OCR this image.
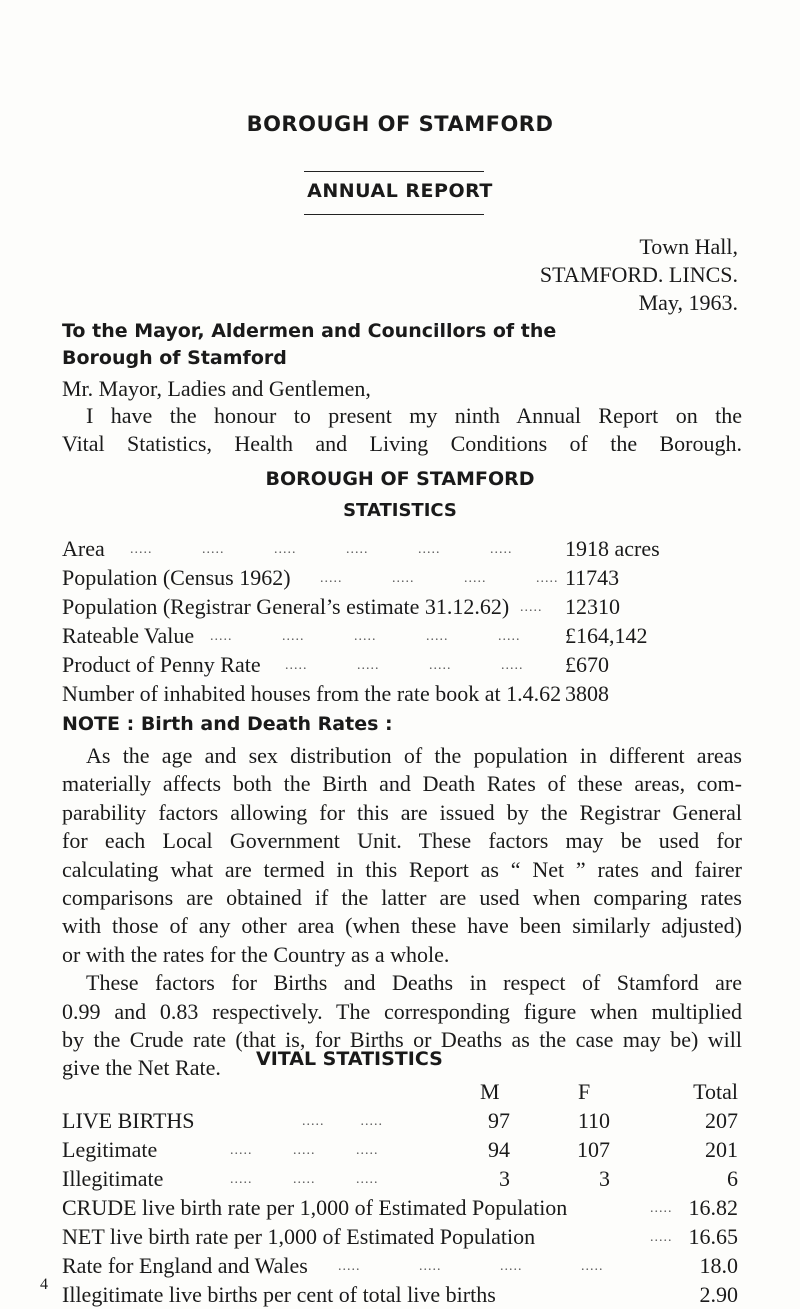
BOROUGH OF STAMFORD
ANNUAL REPORT
Town Hall,
STAMFORD. LINCS.
May, 1963.
To the Mayor, Aldermen and Councillors of the
Borough of Stamford
Mr. Mayor, Ladies and Gentlemen,
I have the honour to present my ninth Annual Report on the
Vital Statistics, Health and Living Conditions of the Borough.
BOROUGH OF STAMFORD
STATISTICS
Area .....           .....           .....           .....           .....           ..... 1918 acres
Population (Census 1962) .....           .....           .....           ..... 11743
Population (Registrar General’s estimate 31.12.62) ..... 12310
Rateable Value .....           .....           .....           .....           ..... £164,142
Product of Penny Rate .....           .....           .....           ..... £670
Number of inhabited houses from the rate book at 1.4.62 3808
NOTE : Birth and Death Rates :
As the age and sex distribution of the population in different areas
materially affects both the Birth and Death Rates of these areas, com-
parability factors allowing for this are issued by the Registrar General
for each Local Government Unit. These factors may be used for
calculating what are termed in this Report as “ Net ” rates and fairer
comparisons are obtained if the latter are used when comparing rates
with those of any other area (when these have been similarly adjusted)
or with the rates for the Country as a whole.
These factors for Births and Deaths in respect of Stamford are
0.99 and 0.83 respectively. The corresponding figure when multiplied
by the Crude rate (that is, for Births or Deaths as the case may be) will
give the Net Rate.	VITAL STATISTICS
M	F	Total
LIVE BIRTHS	.....        .....	97	110	207
Legitimate	.....         .....         .....	94	107	201
Illegitimate	.....         .....         .....	3	3	6
CRUDE live birth rate per 1,000 of Estimated Population	..... 16.82
NET live birth rate per 1,000 of Estimated Population	..... 16.65
Rate for England and Wales .....             .....             .....             .....	18.0
Illegitimate live births per cent of total live births	2.90
4
